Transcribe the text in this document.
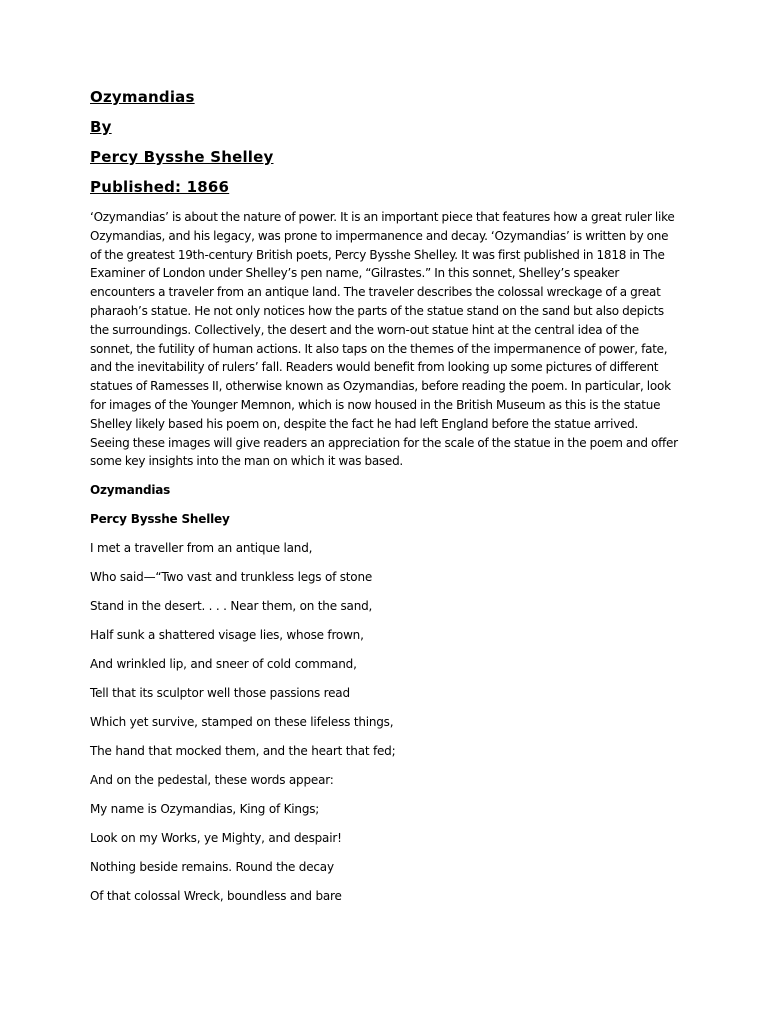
Ozymandias
By
Percy Bysshe Shelley
Published: 1866

‘Ozymandias’ is about the nature of power. It is an important piece that features how a great ruler like Ozymandias, and his legacy, was prone to impermanence and decay. ‘Ozymandias’ is written by one of the greatest 19th-century British poets, Percy Bysshe Shelley. It was first published in 1818 in The Examiner of London under Shelley’s pen name, “Gilrastes.” In this sonnet, Shelley’s speaker encounters a traveler from an antique land. The traveler describes the colossal wreckage of a great pharaoh’s statue. He not only notices how the parts of the statue stand on the sand but also depicts the surroundings. Collectively, the desert and the worn-out statue hint at the central idea of the sonnet, the futility of human actions. It also taps on the themes of the impermanence of power, fate, and the inevitability of rulers’ fall. Readers would benefit from looking up some pictures of different statues of Ramesses II, otherwise known as Ozymandias, before reading the poem. In particular, look for images of the Younger Memnon, which is now housed in the British Museum as this is the statue Shelley likely based his poem on, despite the fact he had left England before the statue arrived. Seeing these images will give readers an appreciation for the scale of the statue in the poem and offer some key insights into the man on which it was based.

Ozymandias
Percy Bysshe Shelley
I met a traveller from an antique land,
Who said—“Two vast and trunkless legs of stone
Stand in the desert. . . . Near them, on the sand,
Half sunk a shattered visage lies, whose frown,
And wrinkled lip, and sneer of cold command,
Tell that its sculptor well those passions read
Which yet survive, stamped on these lifeless things,
The hand that mocked them, and the heart that fed;
And on the pedestal, these words appear:
My name is Ozymandias, King of Kings;
Look on my Works, ye Mighty, and despair!
Nothing beside remains. Round the decay
Of that colossal Wreck, boundless and bare
